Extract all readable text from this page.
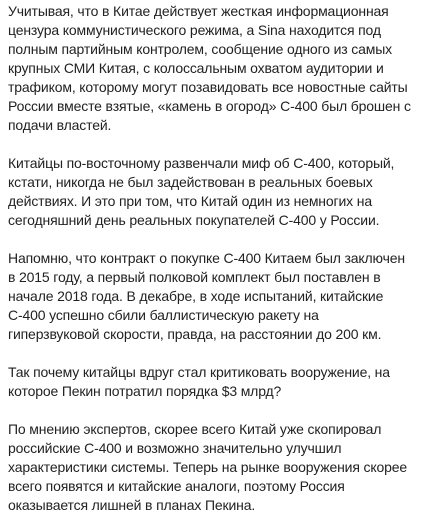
Учитывая, что в Китае действует жесткая информационная
цензура коммунистического режима, а Sina находится под
полным партийным контролем, сообщение одного из самых
крупных СМИ Китая, с колоссальным охватом аудитории и
трафиком, которому могут позавидовать все новостные сайты
России вместе взятые, «камень в огород» С-400 был брошен с
подачи властей.

Китайцы по-восточному развенчали миф об С-400, который,
кстати, никогда не был задействован в реальных боевых
действиях. И это при том, что Китай один из немногих на
сегодняшний день реальных покупателей С-400 у России.

Напомню, что контракт о покупке С-400 Китаем был заключен
в 2015 году, а первый полковой комплект был поставлен в
начале 2018 года. В декабре, в ходе испытаний, китайские
С-400 успешно сбили баллистическую ракету на
гиперзвуковой скорости, правда, на расстоянии до 200 км.

Так почему китайцы вдруг стал критиковать вооружение, на
которое Пекин потратил порядка $3 млрд?

По мнению экспертов, скорее всего Китай уже скопировал
российские С-400 и возможно значительно улучшил
характеристики системы. Теперь на рынке вооружения скорее
всего появятся и китайские аналоги, поэтому Россия
оказывается лишней в планах Пекина.
